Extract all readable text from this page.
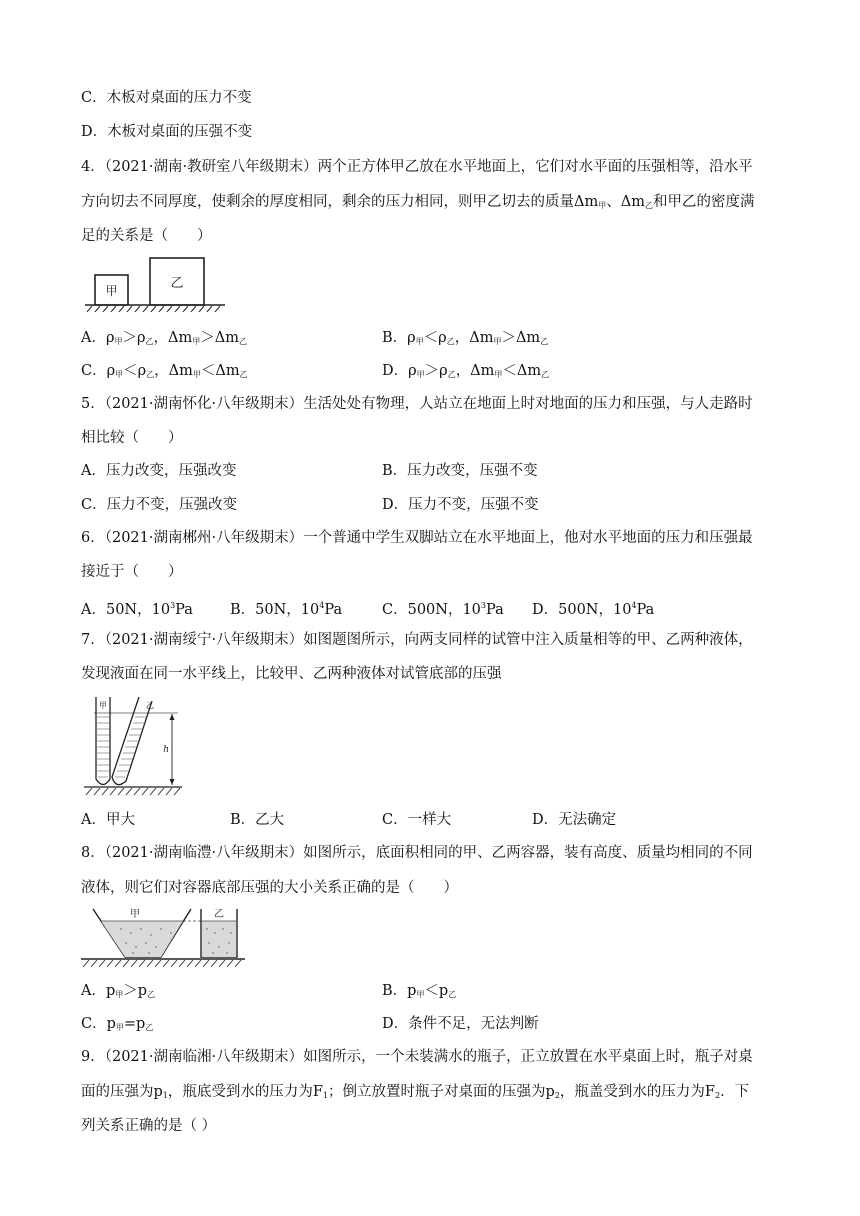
C．木板对桌面的压力不变
D．木板对桌面的压强不变
4．（2021·湖南·教研室八年级期末）两个正方体甲乙放在水平地面上，它们对水平面的压强相等，沿水平
方向切去不同厚度，使剩余的厚度相同，剩余的压力相同，则甲乙切去的质量$\Delta m_甲$、$\Delta m_乙$和甲乙的密度满
足的关系是（　　）
甲	乙
A．$\rho_甲>\rho_乙$，$\Delta m_甲>\Delta m_乙$	B．$\rho_甲<\rho_乙$，$\Delta m_甲>\Delta m_乙$
C．$\rho_甲<\rho_乙$，$\Delta m_甲<\Delta m_乙$	D．$\rho_甲>\rho_乙$，$\Delta m_甲<\Delta m_乙$
5．（2021·湖南怀化·八年级期末）生活处处有物理，人站立在地面上时对地面的压力和压强，与人走路时
相比较（　　）
A．压力改变，压强改变	B．压力改变，压强不变
C．压力不变，压强改变	D．压力不变，压强不变
6．（2021·湖南郴州·八年级期末）一个普通中学生双脚站立在水平地面上，他对水平地面的压力和压强最
接近于（　　）
A．50N，$10^3Pa$	B．50N，$10^4Pa$	C．500N，$10^3Pa$ D．500N，$10^4Pa$
7．（2021·湖南绥宁·八年级期末）如图题图所示，向两支同样的试管中注入质量相等的甲、乙两种液体，
发现液面在同一水平线上，比较甲、乙两种液体对试管底部的压强
甲	乙
h
A．甲大	B．乙大	C．一样大	D．无法确定
8．（2021·湖南临澧·八年级期末）如图所示，底面积相同的甲、乙两容器，装有高度、质量均相同的不同
液体，则它们对容器底部压强的大小关系正确的是（　　）
甲	乙
A．$p_甲>p_乙$	B．$p_甲<p_乙$
C．$p_甲=p_乙$	D．条件不足，无法判断
9．（2021·湖南临湘·八年级期末）如图所示，一个未装满水的瓶子，正立放置在水平桌面上时，瓶子对桌
面的压强为$p_1$，瓶底受到水的压力为$F_1$；倒立放置时瓶子对桌面的压强为$p_2$，瓶盖受到水的压力为$F_2$．下
列关系正确的是（ ）
